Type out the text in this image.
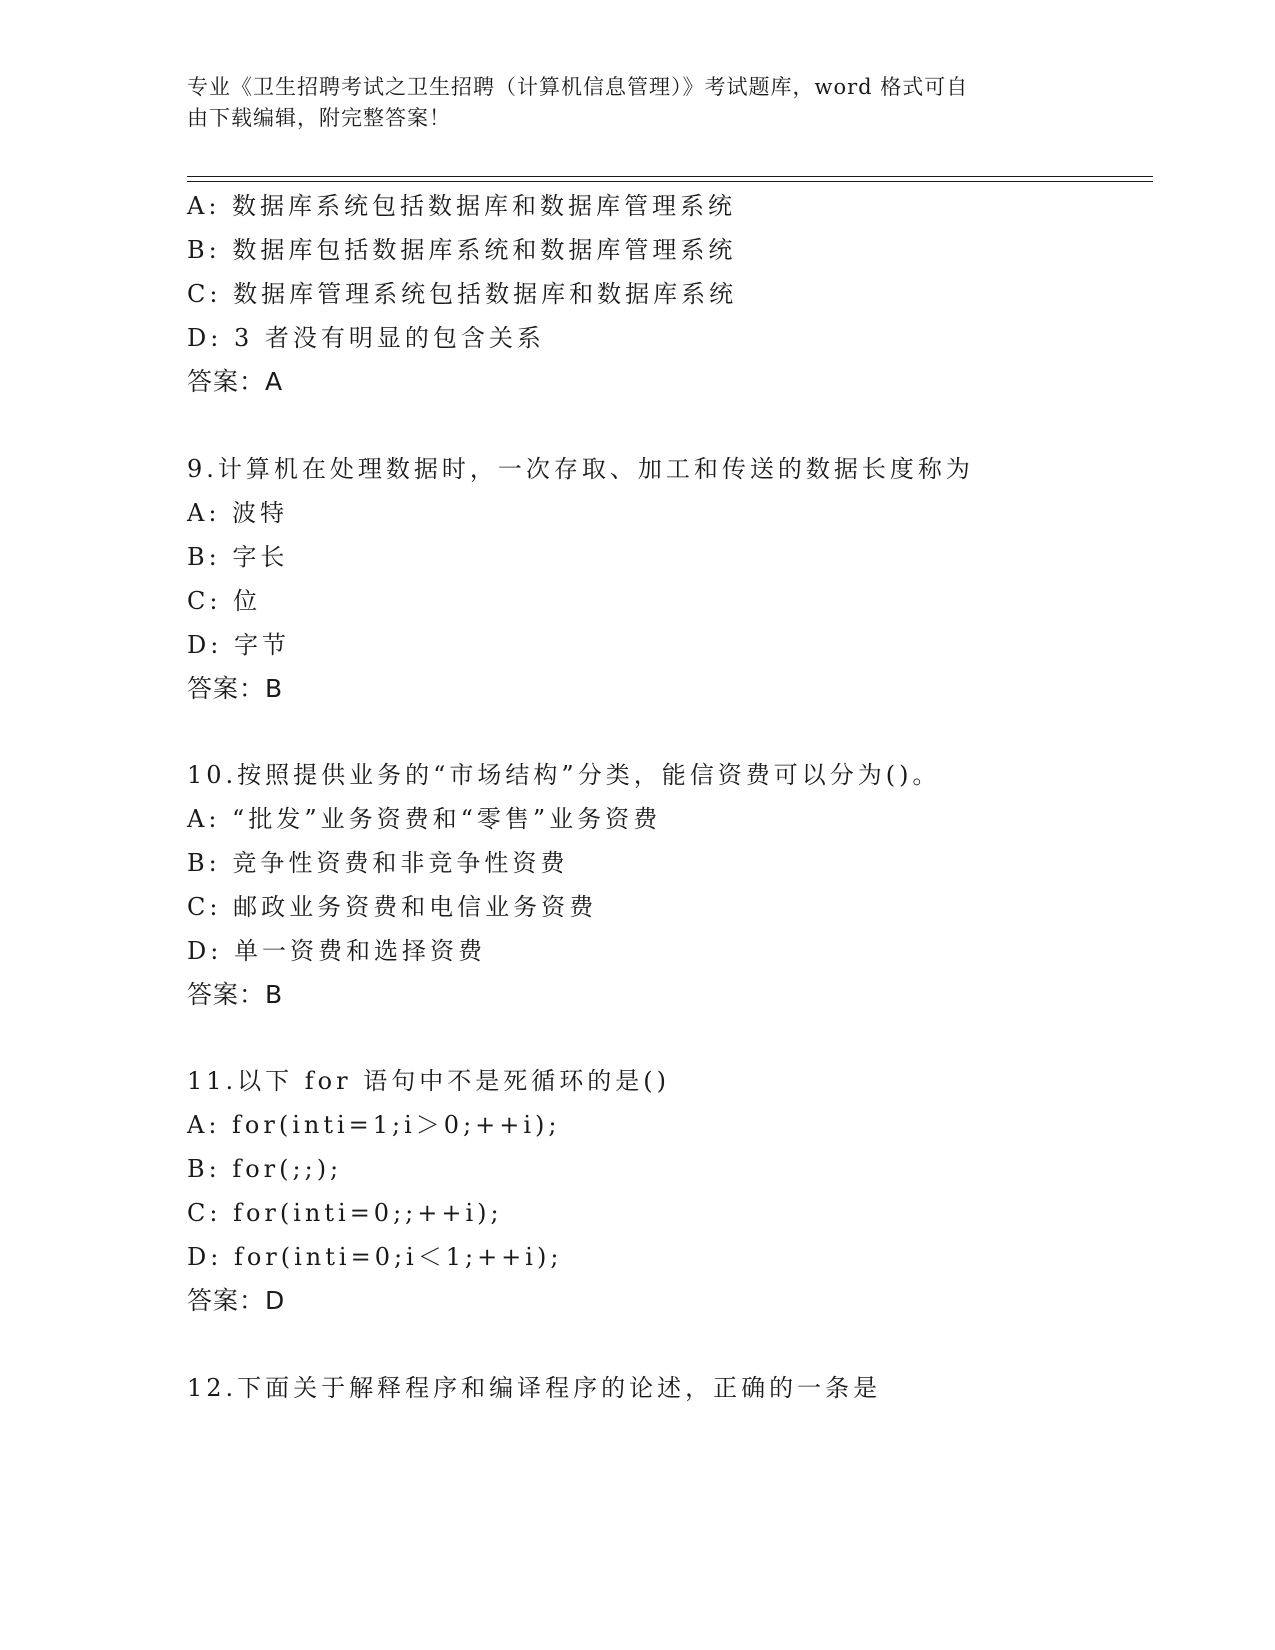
专业《卫生招聘考试之卫生招聘（计算机信息管理）》考试题库，word 格式可自
由下载编辑，附完整答案！
A: 数据库系统包括数据库和数据库管理系统
B: 数据库包括数据库系统和数据库管理系统
C: 数据库管理系统包括数据库和数据库系统
D: 3 者没有明显的包含关系
答案：A
9.计算机在处理数据时，一次存取、加工和传送的数据长度称为
A: 波特
B: 字长
C: 位
D: 字节
答案：B
10.按照提供业务的“市场结构”分类，能信资费可以分为()。
A: “批发”业务资费和“零售”业务资费
B: 竞争性资费和非竞争性资费
C: 邮政业务资费和电信业务资费
D: 单一资费和选择资费
答案：B
11.以下 for 语句中不是死循环的是()
A: for(inti=1;i＞0;++i);
B: for(;;);
C: for(inti=0;;++i);
D: for(inti=0;i＜1;++i);
答案：D
12.下面关于解释程序和编译程序的论述，正确的一条是
